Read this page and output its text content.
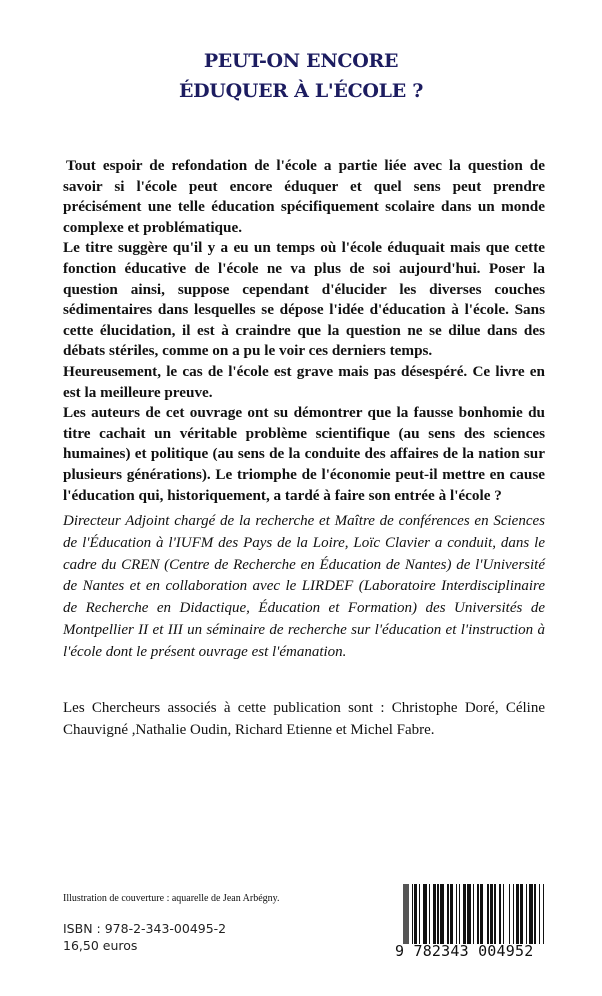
PEUT-ON ENCORE
ÉDUQUER À L'ÉCOLE ?

Tout espoir de refondation de l'école a partie liée avec la question de savoir si l'école peut encore éduquer et quel sens peut prendre précisément une telle éducation spécifiquement scolaire dans un monde complexe et problématique.

Le titre suggère qu'il y a eu un temps où l'école éduquait mais que cette fonction éducative de l'école ne va plus de soi aujourd'hui. Poser la question ainsi, suppose cependant d'élucider les diverses couches sédimentaires dans lesquelles se dépose l'idée d'éducation à l'école. Sans cette élucidation, il est à craindre que la question ne se dilue dans des débats stériles, comme on a pu le voir ces derniers temps.

Heureusement, le cas de l'école est grave mais pas désespéré. Ce livre en est la meilleure preuve.

Les auteurs de cet ouvrage ont su démontrer que la fausse bonhomie du titre cachait un véritable problème scientifique (au sens des sciences humaines) et politique (au sens de la conduite des affaires de la nation sur plusieurs générations). Le triomphe de l'économie peut-il mettre en cause l'éducation qui, historiquement, a tardé à faire son entrée à l'école ?

Directeur Adjoint chargé de la recherche et Maître de conférences en Sciences de l'Éducation à l'IUFM des Pays de la Loire, Loïc Clavier a conduit, dans le cadre du CREN (Centre de Recherche en Éducation de Nantes) de l'Université de Nantes et en collaboration avec le LIRDEF (Laboratoire Interdisciplinaire de Recherche en Didactique, Éducation et Formation) des Universités de Montpellier II et III un séminaire de recherche sur l'éducation et l'instruction à l'école dont le présent ouvrage est l'émanation.

Les Chercheurs associés à cette publication sont : Christophe Doré, Céline Chauvigné ,Nathalie Oudin, Richard Etienne et Michel Fabre.

Illustration de couverture : aquarelle de Jean Arbégny.
ISBN : 978-2-343-00495-2
16,50 euros	9 782343 004952
